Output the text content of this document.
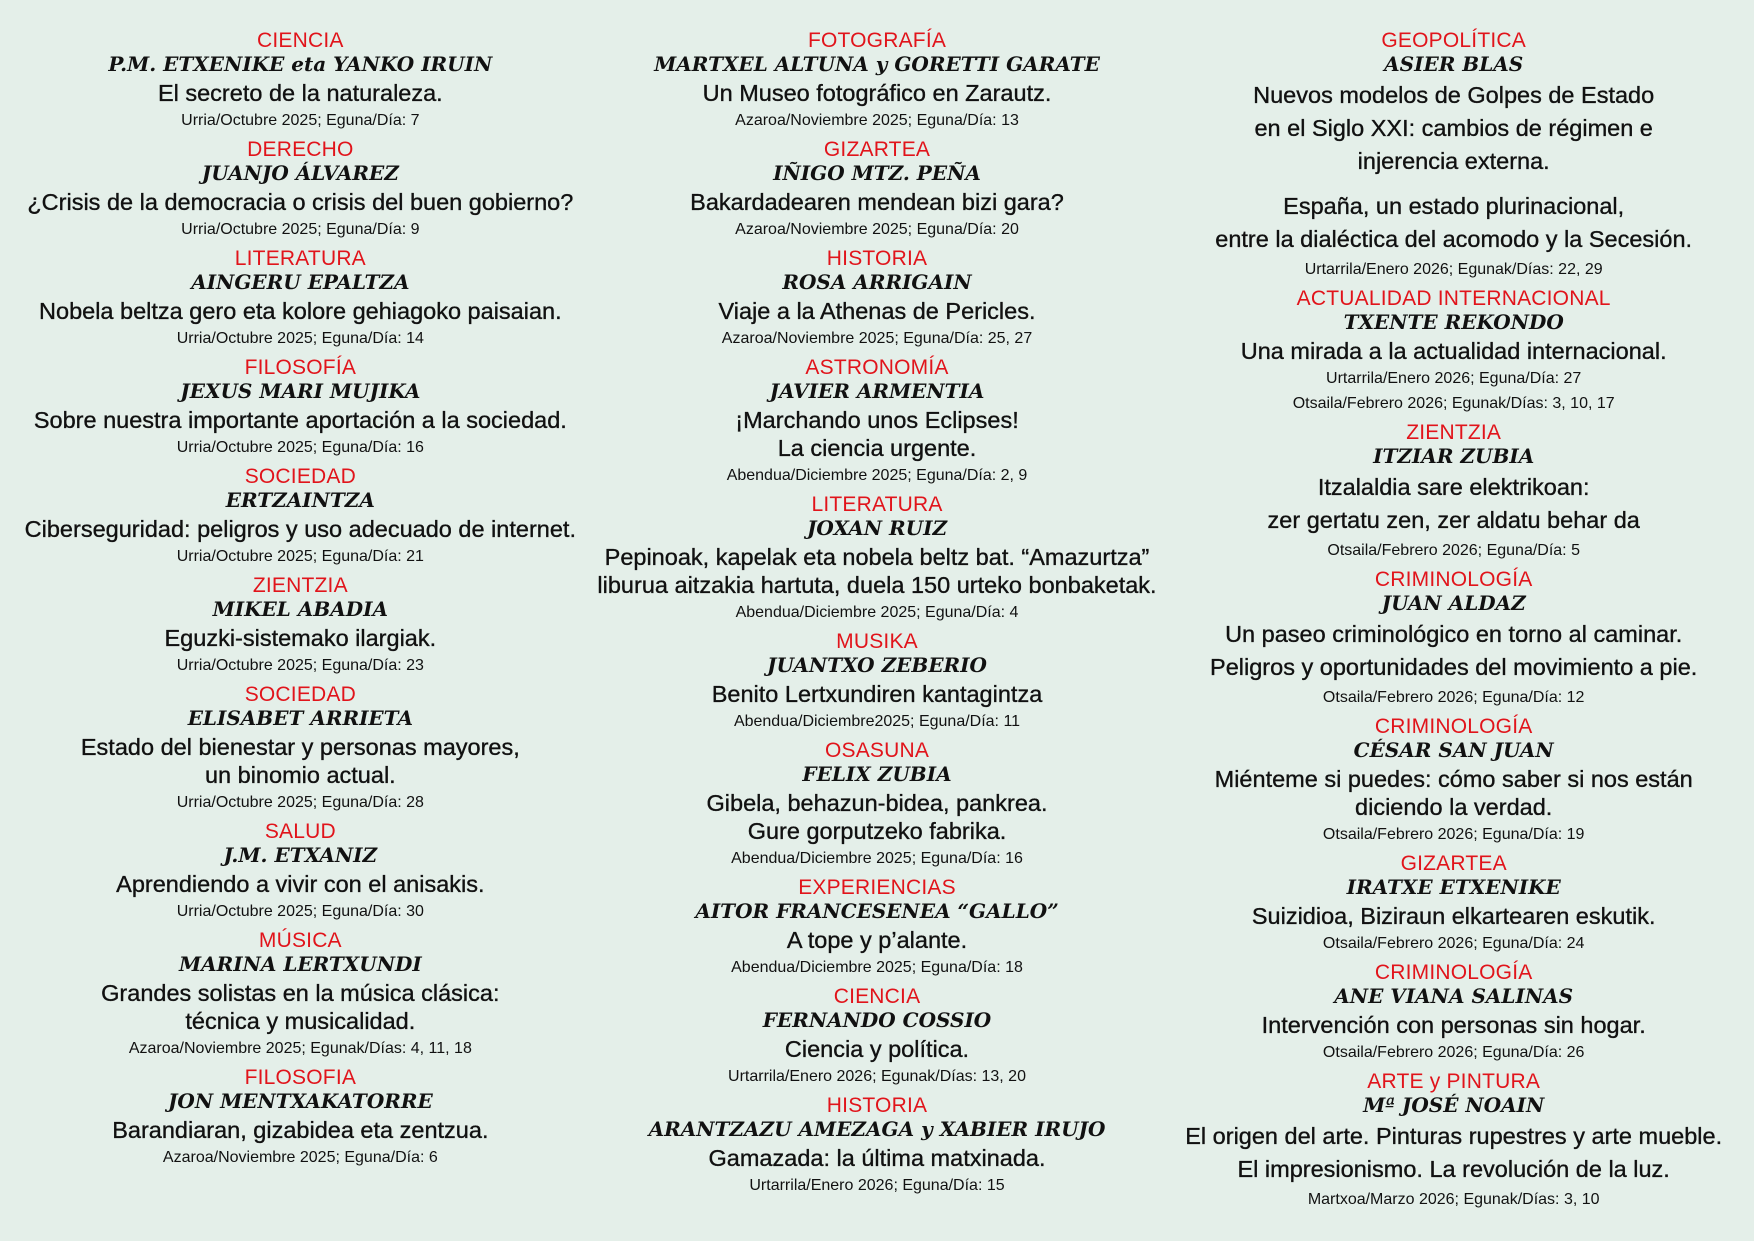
CIENCIA
P.M. ETXENIKE eta YANKO IRUIN
El secreto de la naturaleza.
Urria/Octubre 2025; Eguna/Día: 7
DERECHO
JUANJO ÁLVAREZ
¿Crisis de la democracia o crisis del buen gobierno?
Urria/Octubre 2025; Eguna/Día: 9
LITERATURA
AINGERU EPALTZA
Nobela beltza gero eta kolore gehiagoko paisaian.
Urria/Octubre 2025; Eguna/Día: 14
FILOSOFÍA
JEXUS MARI MUJIKA
Sobre nuestra importante aportación a la sociedad.
Urria/Octubre 2025; Eguna/Día: 16
SOCIEDAD
ERTZAINTZA
Ciberseguridad: peligros y uso adecuado de internet.
Urria/Octubre 2025; Eguna/Día: 21
ZIENTZIA
MIKEL ABADIA
Eguzki-sistemako ilargiak.
Urria/Octubre 2025; Eguna/Día: 23
SOCIEDAD
ELISABET ARRIETA
Estado del bienestar y personas mayores,
un binomio actual.
Urria/Octubre 2025; Eguna/Día: 28
SALUD
J.M. ETXANIZ
Aprendiendo a vivir con el anisakis.
Urria/Octubre 2025; Eguna/Día: 30
MÚSICA
MARINA LERTXUNDI
Grandes solistas en la música clásica:
técnica y musicalidad.
Azaroa/Noviembre 2025; Egunak/Días: 4, 11, 18
FILOSOFIA
JON MENTXAKATORRE
Barandiaran, gizabidea eta zentzua.
Azaroa/Noviembre 2025; Eguna/Día: 6
FOTOGRAFÍA
MARTXEL ALTUNA y GORETTI GARATE
Un Museo fotográfico en Zarautz.
Azaroa/Noviembre 2025; Eguna/Día: 13
GIZARTEA
IÑIGO MTZ. PEÑA
Bakardadearen mendean bizi gara?
Azaroa/Noviembre 2025; Eguna/Día: 20
HISTORIA
ROSA ARRIGAIN
Viaje a la Athenas de Pericles.
Azaroa/Noviembre 2025; Eguna/Día: 25, 27
ASTRONOMÍA
JAVIER ARMENTIA
¡Marchando unos Eclipses!
La ciencia urgente.
Abendua/Diciembre 2025; Eguna/Día: 2, 9
LITERATURA
JOXAN RUIZ
Pepinoak, kapelak eta nobela beltz bat. “Amazurtza”
liburua aitzakia hartuta, duela 150 urteko bonbaketak.
Abendua/Diciembre 2025; Eguna/Día: 4
MUSIKA
JUANTXO ZEBERIO
Benito Lertxundiren kantagintza
Abendua/Diciembre2025; Eguna/Día: 11
OSASUNA
FELIX ZUBIA
Gibela, behazun-bidea, pankrea.
Gure gorputzeko fabrika.
Abendua/Diciembre 2025; Eguna/Día: 16
EXPERIENCIAS
AITOR FRANCESENEA “GALLO”
A tope y p’alante.
Abendua/Diciembre 2025; Eguna/Día: 18
CIENCIA
FERNANDO COSSIO
Ciencia y política.
Urtarrila/Enero 2026; Egunak/Días: 13, 20
HISTORIA
ARANTZAZU AMEZAGA y XABIER IRUJO
Gamazada: la última matxinada.
Urtarrila/Enero 2026; Eguna/Día: 15
GEOPOLÍTICA
ASIER BLAS
Nuevos modelos de Golpes de Estado
en el Siglo XXI: cambios de régimen e
injerencia externa.
España, un estado plurinacional,
entre la dialéctica del acomodo y la Secesión.
Urtarrila/Enero 2026; Egunak/Días: 22, 29
ACTUALIDAD INTERNACIONAL
TXENTE REKONDO
Una mirada a la actualidad internacional.
Urtarrila/Enero 2026; Eguna/Día: 27
Otsaila/Febrero 2026; Egunak/Días: 3, 10, 17
ZIENTZIA
ITZIAR ZUBIA
Itzalaldia sare elektrikoan:
zer gertatu zen, zer aldatu behar da
Otsaila/Febrero 2026; Eguna/Día: 5
CRIMINOLOGÍA
JUAN ALDAZ
Un paseo criminológico en torno al caminar.
Peligros y oportunidades del movimiento a pie.
Otsaila/Febrero 2026; Eguna/Día: 12
CRIMINOLOGÍA
CÉSAR SAN JUAN
Miénteme si puedes: cómo saber si nos están
diciendo la verdad.
Otsaila/Febrero 2026; Eguna/Día: 19
GIZARTEA
IRATXE ETXENIKE
Suizidioa, Biziraun elkartearen eskutik.
Otsaila/Febrero 2026; Eguna/Día: 24
CRIMINOLOGÍA
ANE VIANA SALINAS
Intervención con personas sin hogar.
Otsaila/Febrero 2026; Eguna/Día: 26
ARTE y PINTURA
Mª JOSÉ NOAIN
El origen del arte. Pinturas rupestres y arte mueble.
El impresionismo. La revolución de la luz.
Martxoa/Marzo 2026; Egunak/Días: 3, 10
